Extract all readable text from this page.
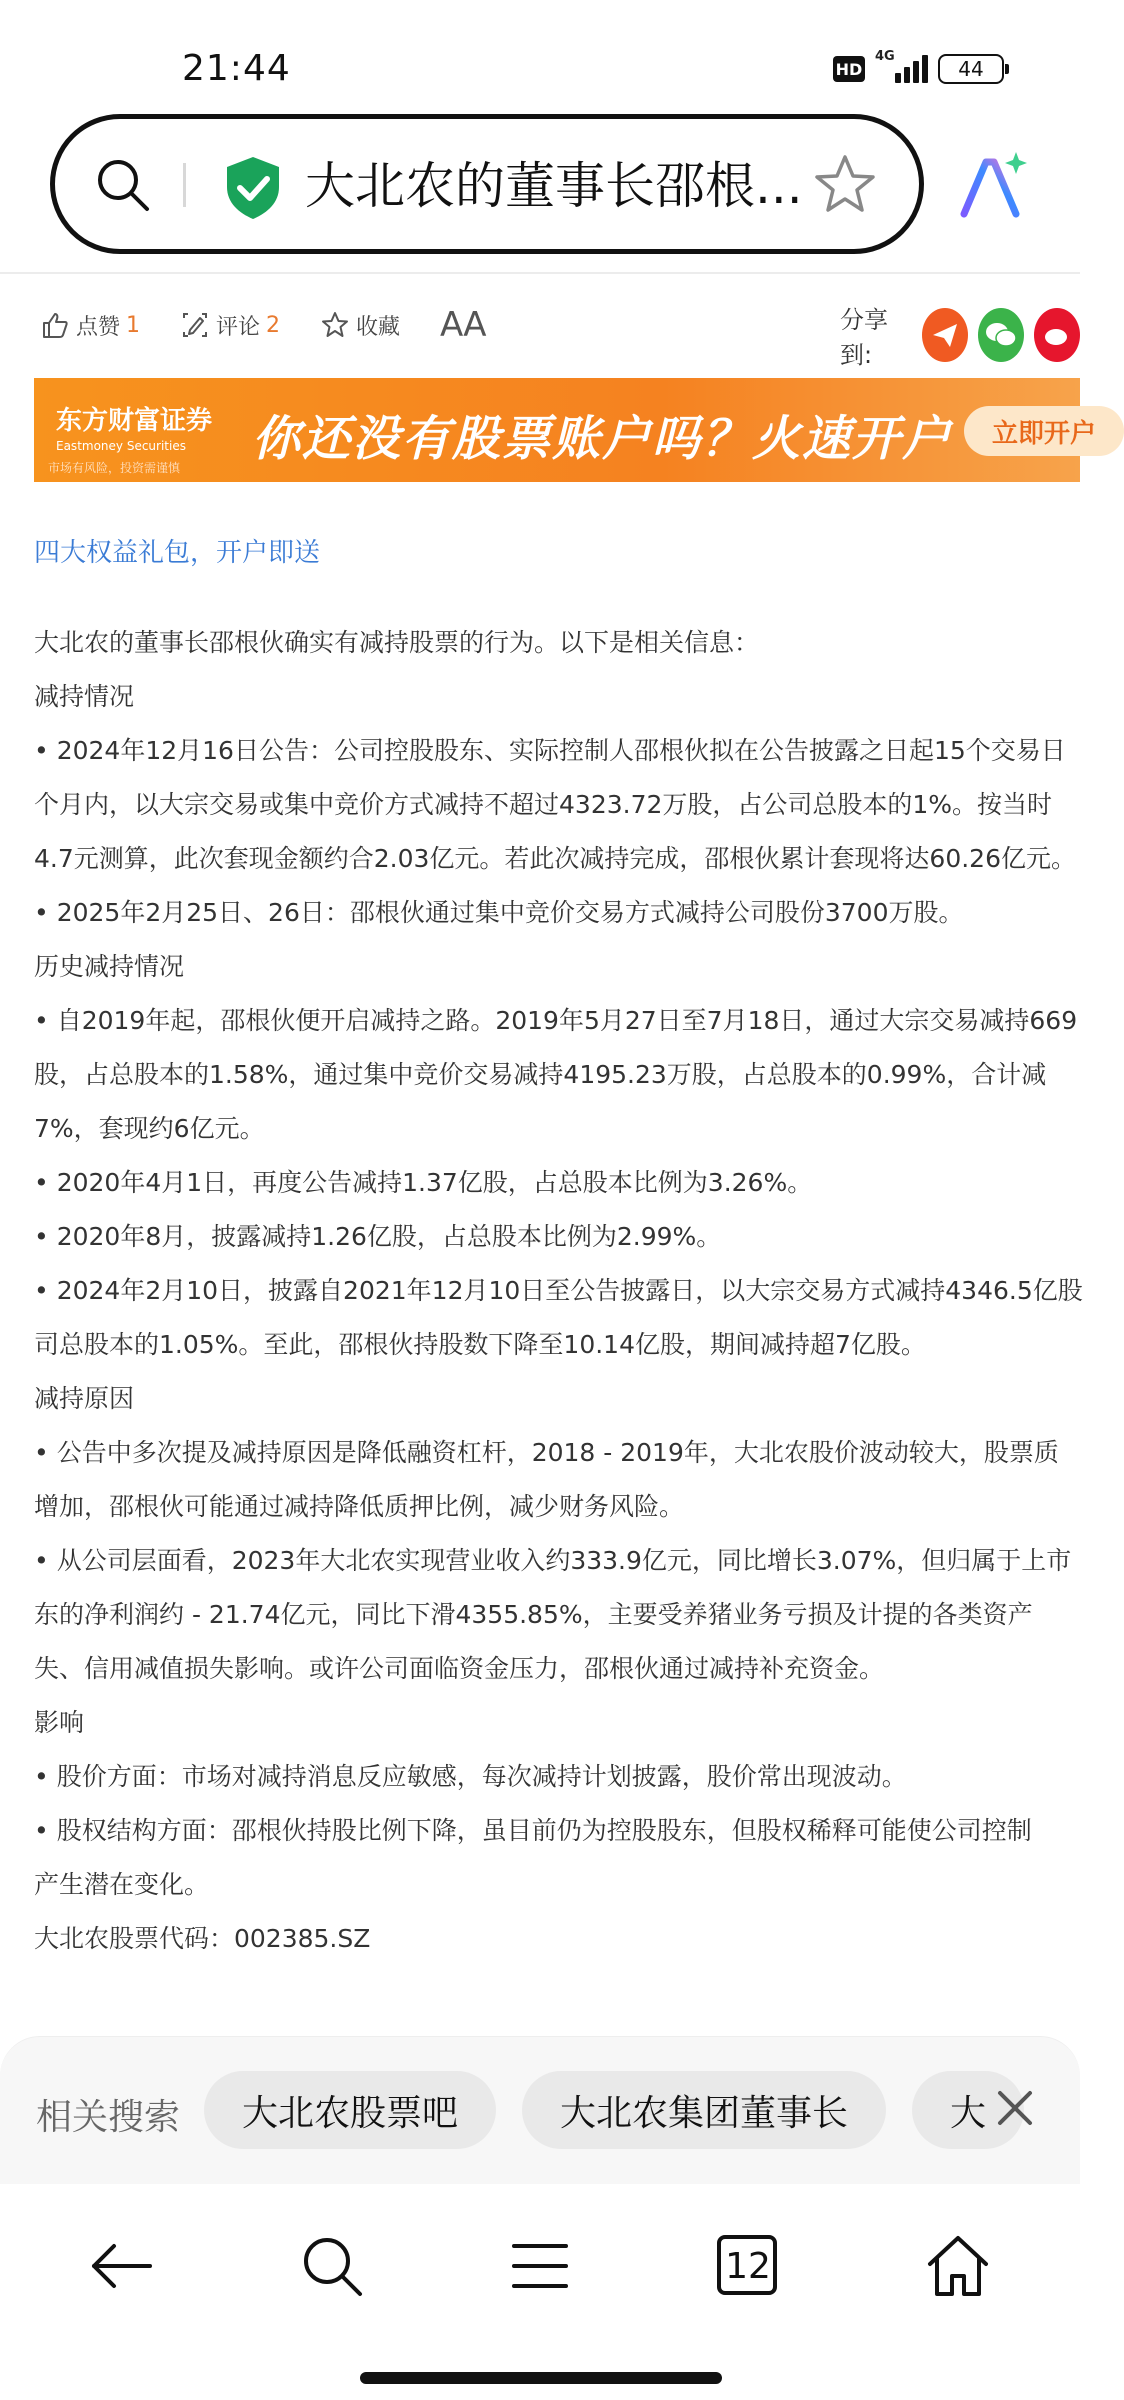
21:44	HD
4G
44
大北农的董事长邵根...
点赞 1	评论 2	收藏 AA	分享到:
东方财富证券
Eastmoney Securities
市场有风险，投资需谨慎
你还没有股票账户吗？火速开户	立即开户
四大权益礼包，开户即送

大北农的董事长邵根伙确实有减持股票的行为。以下是相关信息：

减持情况

• 2024年12月16日公告：公司控股股东、实际控制人邵根伙拟在公告披露之日起15个交易日

个月内，以大宗交易或集中竞价方式减持不超过4323.72万股，占公司总股本的1%。按当时

4.7元测算，此次套现金额约合2.03亿元。若此次减持完成，邵根伙累计套现将达60.26亿元。

• 2025年2月25日、26日：邵根伙通过集中竞价交易方式减持公司股份3700万股。

历史减持情况

• 自2019年起，邵根伙便开启减持之路。2019年5月27日至7月18日，通过大宗交易减持669

股，占总股本的1.58%，通过集中竞价交易减持4195.23万股，占总股本的0.99%，合计减

7%，套现约6亿元。

• 2020年4月1日，再度公告减持1.37亿股，占总股本比例为3.26%。

• 2020年8月，披露减持1.26亿股，占总股本比例为2.99%。

• 2024年2月10日，披露自2021年12月10日至公告披露日，以大宗交易方式减持4346.5亿股

司总股本的1.05%。至此，邵根伙持股数下降至10.14亿股，期间减持超7亿股。

减持原因

• 公告中多次提及减持原因是降低融资杠杆，2018 - 2019年，大北农股价波动较大，股票质

增加，邵根伙可能通过减持降低质押比例，减少财务风险。

• 从公司层面看，2023年大北农实现营业收入约333.9亿元，同比增长3.07%，但归属于上市

东的净利润约 - 21.74亿元，同比下滑4355.85%，主要受养猪业务亏损及计提的各类资产

失、信用减值损失影响。或许公司面临资金压力，邵根伙通过减持补充资金。

影响

• 股价方面：市场对减持消息反应敏感，每次减持计划披露，股价常出现波动。

• 股权结构方面：邵根伙持股比例下降，虽目前仍为控股股东，但股权稀释可能使公司控制

产生潜在变化。

大北农股票代码：002385.SZ

相关搜索	大北农股票吧	大北农集团董事长	大
12
